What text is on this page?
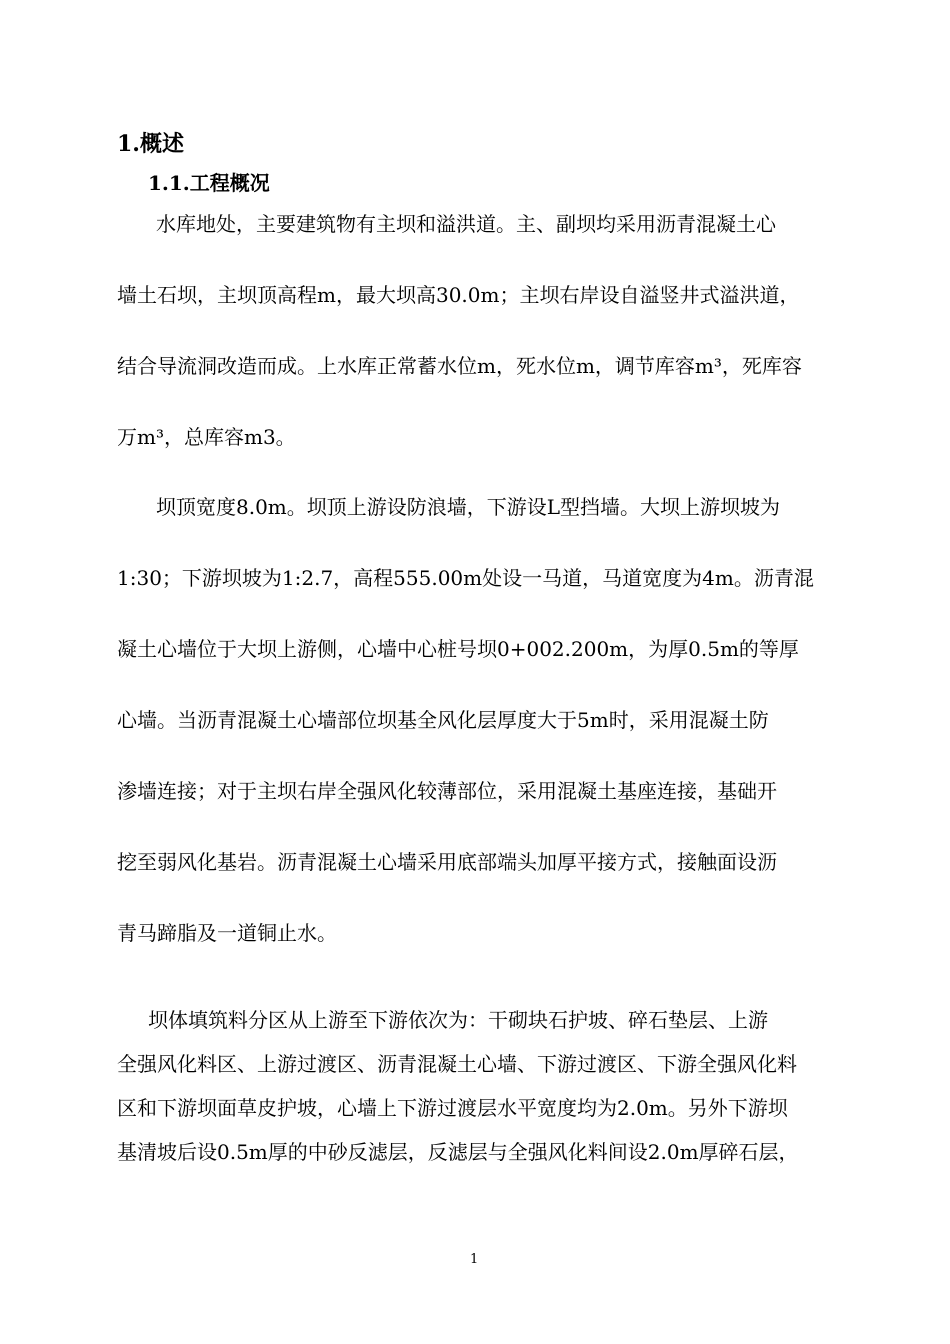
1.概述
1.1.工程概况
水库地处，主要建筑物有主坝和溢洪道。主、副坝均采用沥青混凝土心
墙土石坝，主坝顶高程m，最大坝高30.0m；主坝右岸设自溢竖井式溢洪道，
结合导流洞改造而成。上水库正常蓄水位m，死水位m，调节库容m³，死库容
万m³，总库容m3。
坝顶宽度8.0m。坝顶上游设防浪墙，下游设L型挡墙。大坝上游坝坡为
1:30；下游坝坡为1:2.7，高程555.00m处设一马道，马道宽度为4m。沥青混
凝土心墙位于大坝上游侧，心墙中心桩号坝0+002.200m，为厚0.5m的等厚
心墙。当沥青混凝土心墙部位坝基全风化层厚度大于5m时，采用混凝土防
渗墙连接；对于主坝右岸全强风化较薄部位，采用混凝土基座连接，基础开
挖至弱风化基岩。沥青混凝土心墙采用底部端头加厚平接方式，接触面设沥
青马蹄脂及一道铜止水。
坝体填筑料分区从上游至下游依次为：干砌块石护坡、碎石垫层、上游
全强风化料区、上游过渡区、沥青混凝土心墙、下游过渡区、下游全强风化料
区和下游坝面草皮护坡，心墙上下游过渡层水平宽度均为2.0m。另外下游坝
基清坡后设0.5m厚的中砂反滤层，反滤层与全强风化料间设2.0m厚碎石层，
1
